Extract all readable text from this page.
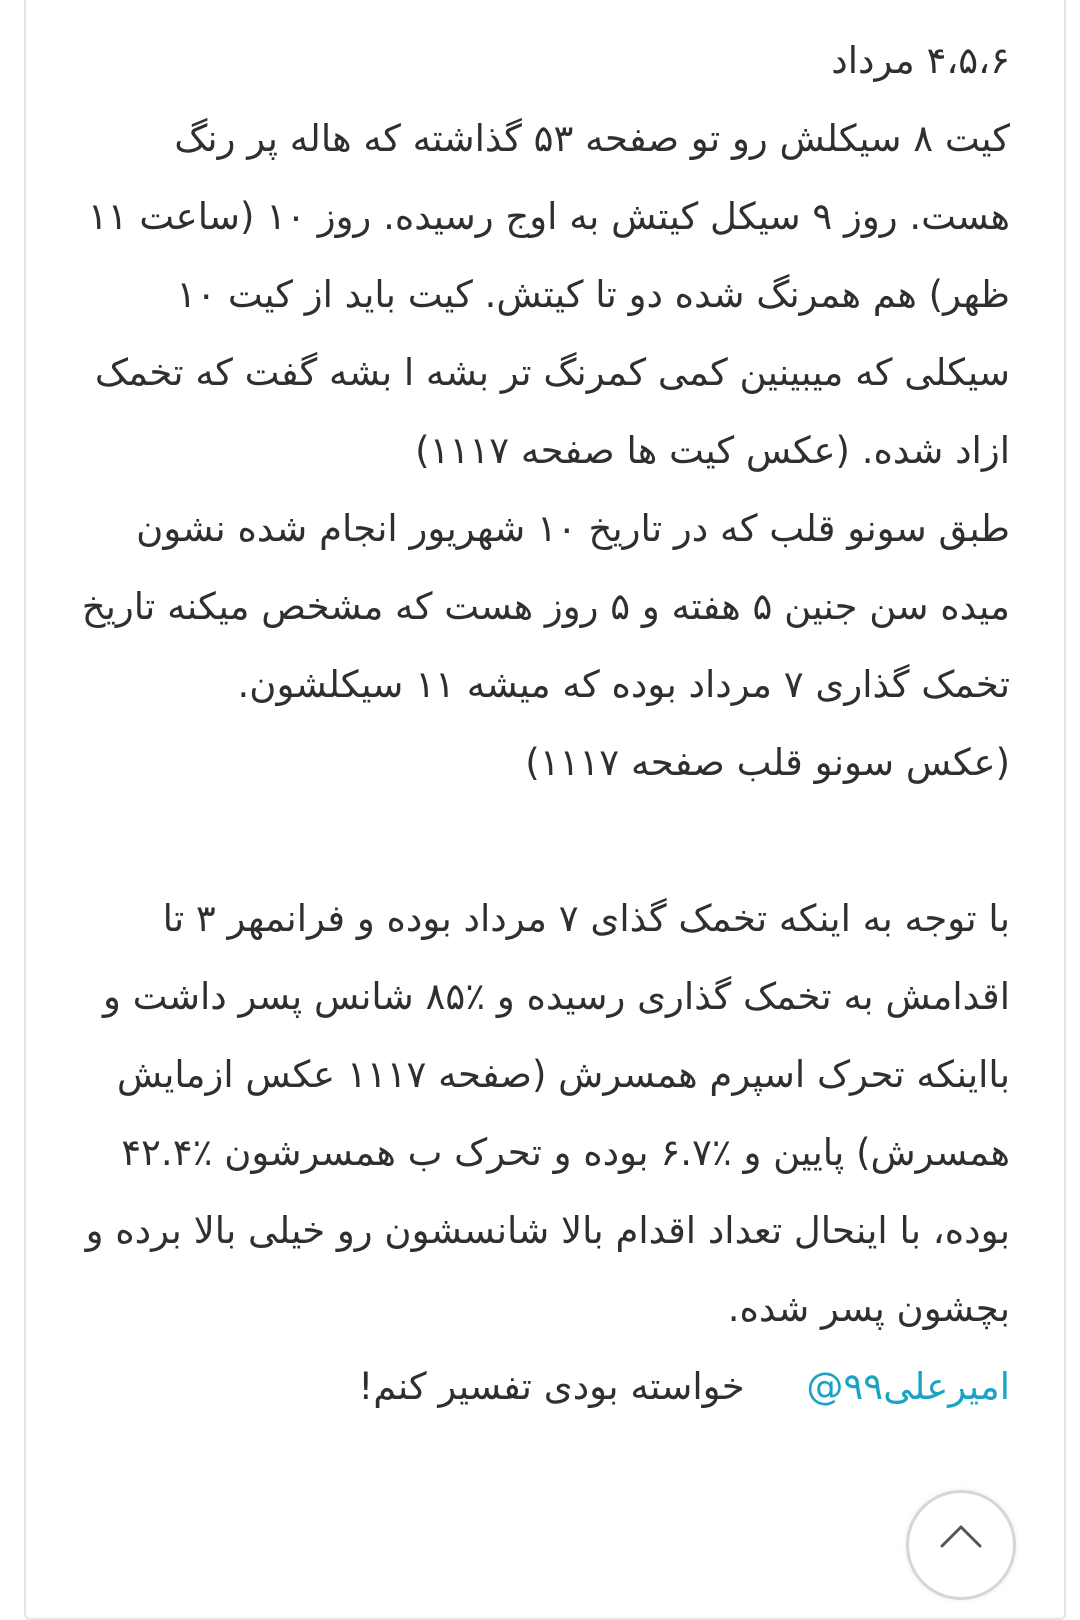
۴،۵،۶ مرداد

کیت ۸ سیکلش رو تو صفحه ۵۳ گذاشته که هاله پر رنگ هست. روز ۹ سیکل کیتش به اوج رسیده. روز ۱۰ (ساعت ۱۱ ظهر) هم همرنگ شده دو تا کیتش. کیت باید از کیت ۱۰ سیکلی که میبینین کمی کمرنگ تر بشه ا بشه گفت که تخمک ازاد شده. (عکس کیت ها صفحه ۱۱۱۷)

طبق سونو قلب که در تاریخ ۱۰ شهریور انجام شده نشون میده سن جنین ۵ هفته و ۵ روز هست که مشخص میکنه تاریخ تخمک گذاری ۷ مرداد بوده که میشه ۱۱ سیکلشون.

(عکس سونو قلب صفحه ۱۱۱۷)

با توجه به اینکه تخمک گذای ۷ مرداد بوده و فرانمهر ۳ تا اقدامش به تخمک گذاری رسیده و ٪۸۵ شانس پسر داشت و بااینکه تحرک اسپرم همسرش (صفحه ۱۱۱۷ عکس ازمایش همسرش) پایین و ٪۶.۷ بوده و تحرک ب همسرشون ٪۴۲.۴ بوده، با اینحال تعداد اقدام بالا شانسشون رو خیلی بالا برده و بچشون پسر شده.

امیرعلی۹۹@ خواسته بودی تفسیر کنم!
